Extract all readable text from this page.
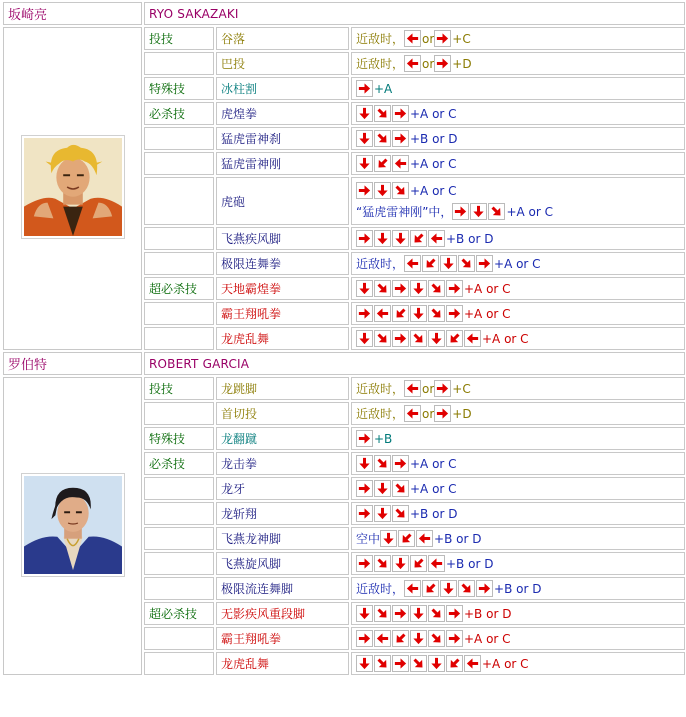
坂崎亮	RYO SAKAZAKI		

	投技	谷落	近敌时， or +C

		巴投	近敌时， or +D

	特殊技	冰柱割	+A

	必杀技	虎煌拳	+A or C

		猛虎雷神刹	+B or D

		猛虎雷神刚	+A or C

		虎砲	+A or C
“猛虎雷神刚”中， +A or C

		飞燕疾风脚	+B or D

		极限连舞拳	近敌时， +A or C

	超必杀技	天地霸煌拳	+A or C

		霸王翔吼拳	+A or C

		龙虎乱舞	+A or C

罗伯特	ROBERT GARCIA		

	投技	龙跳脚	近敌时， or +C

		首切投	近敌时， or +D

	特殊技	龙翻蹴	+B

	必杀技	龙击拳	+A or C

		龙牙	+A or C

		龙斩翔	+B or D

		飞燕龙神脚	空中 +B or D

		飞燕旋风脚	+B or D

		极限流连舞脚	近敌时， +B or D

	超必杀技	无影疾风重段脚	+B or D

		霸王翔吼拳	+A or C

		龙虎乱舞	+A or C
